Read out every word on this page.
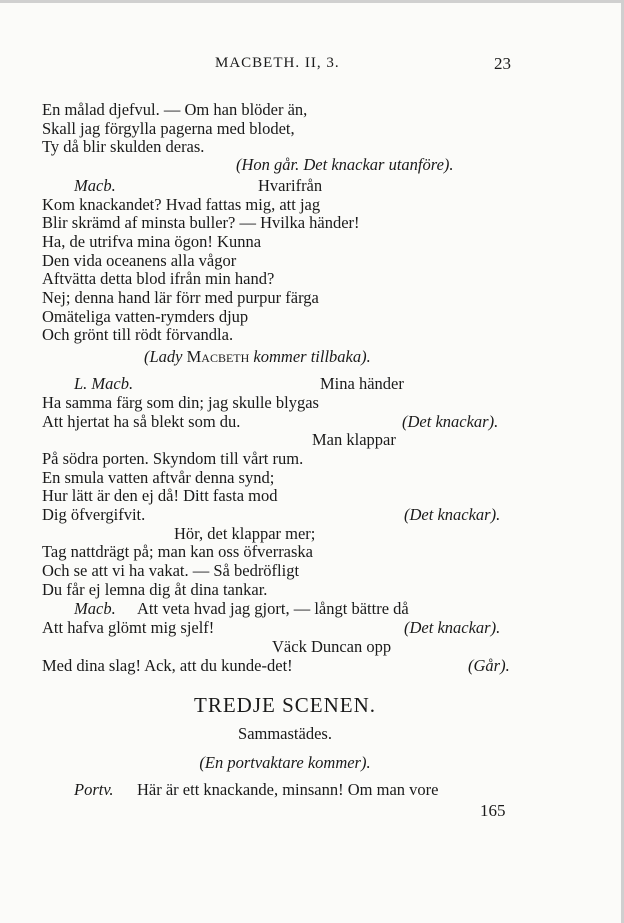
MACBETH. II, 3.	23
En målad djefvul. — Om han blöder än,
Skall jag förgylla pagerna med blodet,
Ty då blir skulden deras.
(Hon går. Det knackar utanföre).
Macb.	Hvarifrån
Kom knackandet? Hvad fattas mig, att jag
Blir skrämd af minsta buller? — Hvilka händer!
Ha, de utrifva mina ögon! Kunna
Den vida oceanens alla vågor
Aftvätta detta blod ifrån min hand?
Nej; denna hand lär förr med purpur färga
Omäteliga vatten-rymders djup
Och grönt till rödt förvandla.
(Lady Macbeth kommer tillbaka).
L. Macb.	Mina händer
Ha samma färg som din; jag skulle blygas
Att hjertat ha så blekt som du.	(Det knackar).
Man klappar
På södra porten. Skyndom till vårt rum.
En smula vatten aftvår denna synd;
Hur lätt är den ej då! Ditt fasta mod
Dig öfvergifvit.	(Det knackar).
Hör, det klappar mer;
Tag nattdrägt på; man kan oss öfverraska
Och se att vi ha vakat. — Så bedröfligt
Du får ej lemna dig åt dina tankar.
Macb. Att veta hvad jag gjort, — långt bättre då
Att hafva glömt mig sjelf!	(Det knackar).
Väck Duncan opp
Med dina slag! Ack, att du kunde-det!	(Går).
TREDJE SCENEN.
Sammastädes.
(En portvaktare kommer).
Portv. Här är ett knackande, minsann! Om man vore
165
